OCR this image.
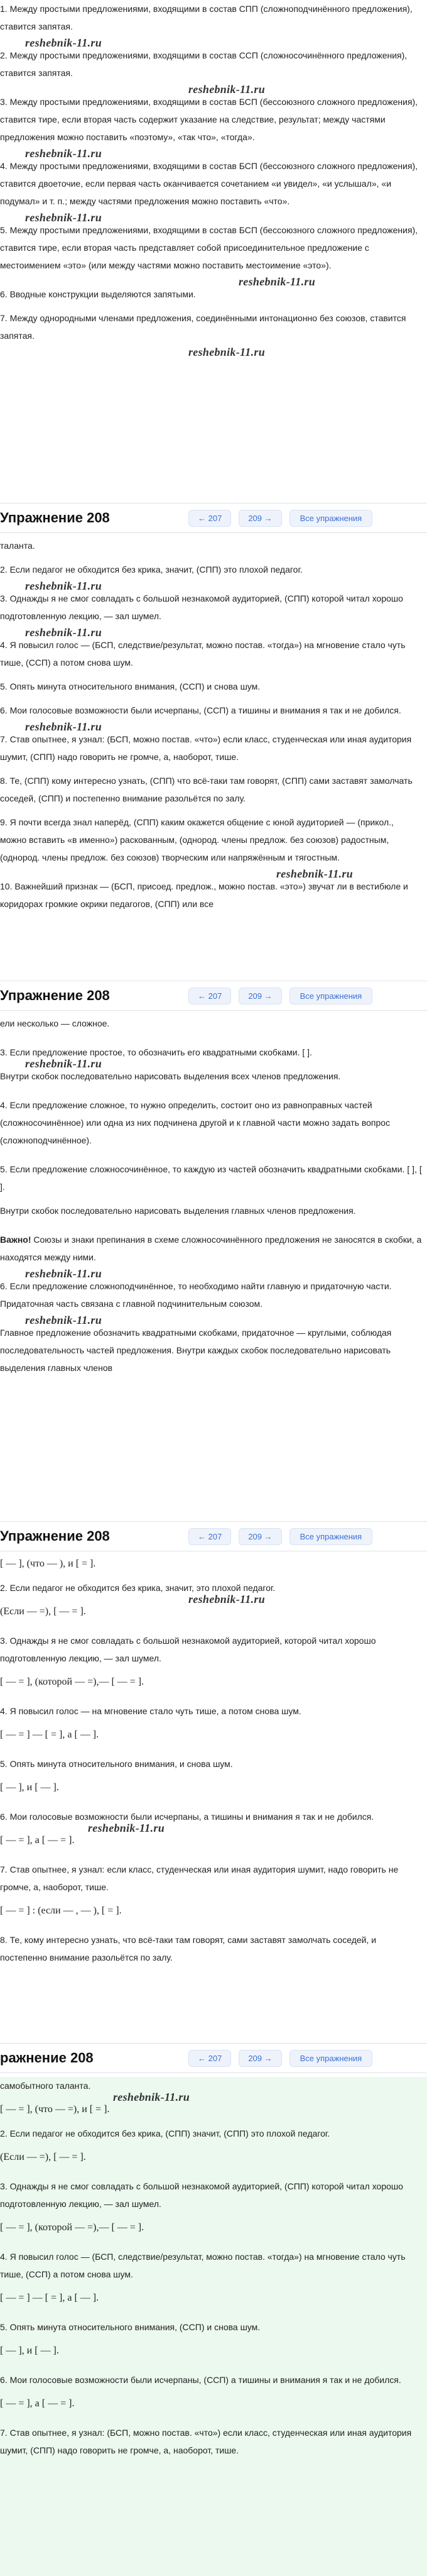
1. Между простыми предложениями, входящими в состав СПП (сложноподчинённого предложения), ставится запятая.

reshebnik-11.ru

2. Между простыми предложениями, входящими в состав ССП (сложносочинённого предложения), ставится запятая.

reshebnik-11.ru

3. Между простыми предложениями, входящими в состав БСП (бессоюзного сложного предложения), ставится тире, если вторая часть содержит указание на следствие, результат; между частями предложения можно поставить «поэтому», «так что», «тогда».

reshebnik-11.ru

4. Между простыми предложениями, входящими в состав БСП (бессоюзного сложного предложения), ставится двоеточие, если первая часть оканчивается сочетанием «и увидел», «и услышал», «и подумал» и т. п.; между частями предложения можно поставить «что».

reshebnik-11.ru

5. Между простыми предложениями, входящими в состав БСП (бессоюзного сложного предложения), ставится тире, если вторая часть представляет собой присоединительное предложение с местоимением «это» (или между частями можно поставить местоимение «это»).

reshebnik-11.ru

6. Вводные конструкции выделяются запятыми.

7. Между однородными членами предложения, соединёнными интонационно без союзов, ставится запятая.

reshebnik-11.ru
Упражнение 208	← 207	209 →	Все упражнения

таланта.

2. Если педагог не обходится без крика, значит, (СПП) это плохой педагог.

reshebnik-11.ru

3. Однажды я не смог совладать с большой незнакомой аудиторией, (СПП) которой читал хорошо подготовленную лекцию, — зал шумел.

reshebnik-11.ru

4. Я повысил голос — (БСП, следствие/результат, можно постав. «тогда») на мгновение стало чуть тише, (ССП) а потом снова шум.

5. Опять минута относительного внимания, (ССП) и снова шум.

6. Мои голосовые возможности были исчерпаны, (ССП) а тишины и внимания я так и не добился.

reshebnik-11.ru

7. Став опытнее, я узнал: (БСП, можно постав. «что») если класс, студенческая или иная аудитория шумит, (СПП) надо говорить не громче, а, наоборот, тише.

8. Те, (СПП) кому интересно узнать, (СПП) что всё-таки там говорят, (СПП) сами заставят замолчать соседей, (СПП) и постепенно внимание разольётся по залу.

9. Я почти всегда знал наперёд, (СПП) каким окажется общение с юной аудиторией — (прикол., можно вставить «в именно») раскованным, (однород. члены предлож. без союзов) радостным, (однород. члены предлож. без союзов) творческим или напряжённым и тягостным.

reshebnik-11.ru

10. Важнейший признак — (БСП, присоед. предлож., можно постав. «это») звучат ли в вестибюле и коридорах громкие окрики педагогов, (СПП) или все

Упражнение 208	← 207	209 →	Все упражнения

ели несколько — сложное.

3. Если предложение простое, то обозначить его квадратными скобками. [ ].

reshebnik-11.ru

Внутри скобок последовательно нарисовать выделения всех членов предложения.

4. Если предложение сложное, то нужно определить, состоит оно из равноправных частей (сложносочинённое) или одна из них подчинена другой и к главной части можно задать вопрос (сложноподчинённое).

5. Если предложение сложносочинённое, то каждую из частей обозначить квадратными скобками. [ ], [ ].

Внутри скобок последовательно нарисовать выделения главных членов предложения.

Важно! Союзы и знаки препинания в схеме сложносочинённого предложения не заносятся в скобки, а находятся между ними.

reshebnik-11.ru

6. Если предложение сложноподчинённое, то необходимо найти главную и придаточную части. Придаточная часть связана с главной подчинительным союзом.

reshebnik-11.ru

Главное предложение обозначить квадратными скобками, придаточное — круглыми, соблюдая последовательность частей предложения. Внутри каждых скобок последовательно нарисовать выделения главных членов

Упражнение 208	← 207	209 →	Все упражнения

[ — ], (что — ), и [ = ].

2. Если педагог не обходится без крика, значит, это плохой педагог.

reshebnik-11.ru

(Если — =), [ — = ].

3. Однажды я не смог совладать с большой незнакомой аудиторией, которой читал хорошо подготовленную лекцию, — зал шумел.

[ — = ], (которой — =),— [ — = ].

4. Я повысил голос — на мгновение стало чуть тише, а потом снова шум.

[ — = ] — [ = ], а [ — ].

5. Опять минута относительного внимания, и снова шум.

[ — ], и [ — ].

6. Мои голосовые возможности были исчерпаны, а тишины и внимания я так и не добился.

reshebnik-11.ru

[ — = ], а [ — = ].

7. Став опытнее, я узнал: если класс, студенческая или иная аудитория шумит, надо говорить не громче, а, наоборот, тише.

[ — = ] : (если — , — ), [ = ].

8. Те, кому интересно узнать, что всё-таки там говорят, сами заставят замолчать соседей, и постепенно внимание разольётся по залу.

ражнение 208	← 207	209 →	Все упражнения

самобытного таланта.

reshebnik-11.ru

[ — = ], (что — =), и [ = ].

2. Если педагог не обходится без крика, (СПП) значит, (СПП) это плохой педагог.

(Если — =), [ — = ].

3. Однажды я не смог совладать с большой незнакомой аудиторией, (СПП) которой читал хорошо подготовленную лекцию, — зал шумел.

[ — = ], (которой — =),— [ — = ].

4. Я повысил голос — (БСП, следствие/результат, можно постав. «тогда») на мгновение стало чуть тише, (ССП) а потом снова шум.

[ — = ] — [ = ], а [ — ].

5. Опять минута относительного внимания, (ССП) и снова шум.

[ — ], и [ — ].

6. Мои голосовые возможности были исчерпаны, (ССП) а тишины и внимания я так и не добился.

[ — = ], а [ — = ].

7. Став опытнее, я узнал: (БСП, можно постав. «что») если класс, студенческая или иная аудитория шумит, (СПП) надо говорить не громче, а, наоборот, тише.
